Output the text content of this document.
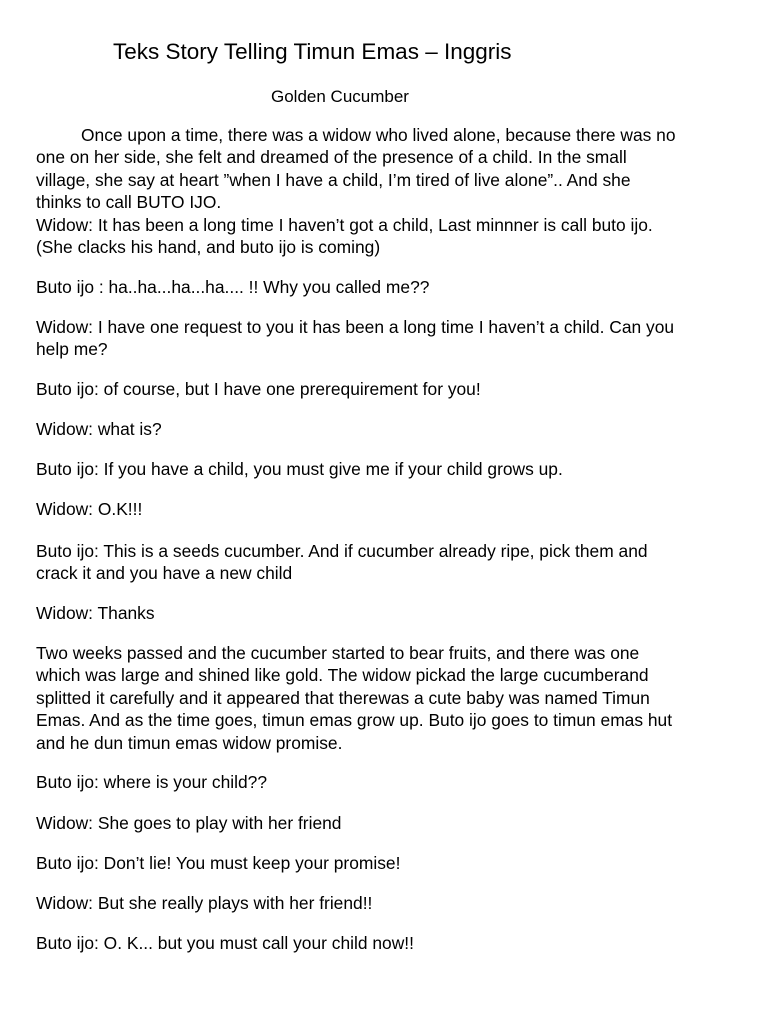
Teks Story Telling Timun Emas – Inggris
Golden Cucumber
Once upon a time, there was a widow who lived alone, because there was no
one on her side, she felt and dreamed of the presence of a child. In the small
village, she say at heart ”when I have a child, I’m tired of live alone”.. And she
thinks to call BUTO IJO.
Widow: It has been a long time I haven’t got a child, Last minnner is call buto ijo.
(She clacks his hand, and buto ijo is coming)
Buto ijo : ha..ha...ha...ha.... !! Why you called me??
Widow: I have one request to you it has been a long time I haven’t a child. Can you
help me?
Buto ijo: of course, but I have one prerequirement for you!
Widow: what is?
Buto ijo: If you have a child, you must give me if your child grows up.
Widow: O.K!!!
Buto ijo: This is a seeds cucumber. And if cucumber already ripe, pick them and
crack it and you have a new child
Widow: Thanks
Two weeks passed and the cucumber started to bear fruits, and there was one
which was large and shined like gold. The widow pickad the large cucumberand
splitted it carefully and it appeared that therewas a cute baby was named Timun
Emas. And as the time goes, timun emas grow up. Buto ijo goes to timun emas hut
and he dun timun emas widow promise.
Buto ijo: where is your child??
Widow: She goes to play with her friend
Buto ijo: Don’t lie! You must keep your promise!
Widow: But she really plays with her friend!!
Buto ijo: O. K... but you must call your child now!!
